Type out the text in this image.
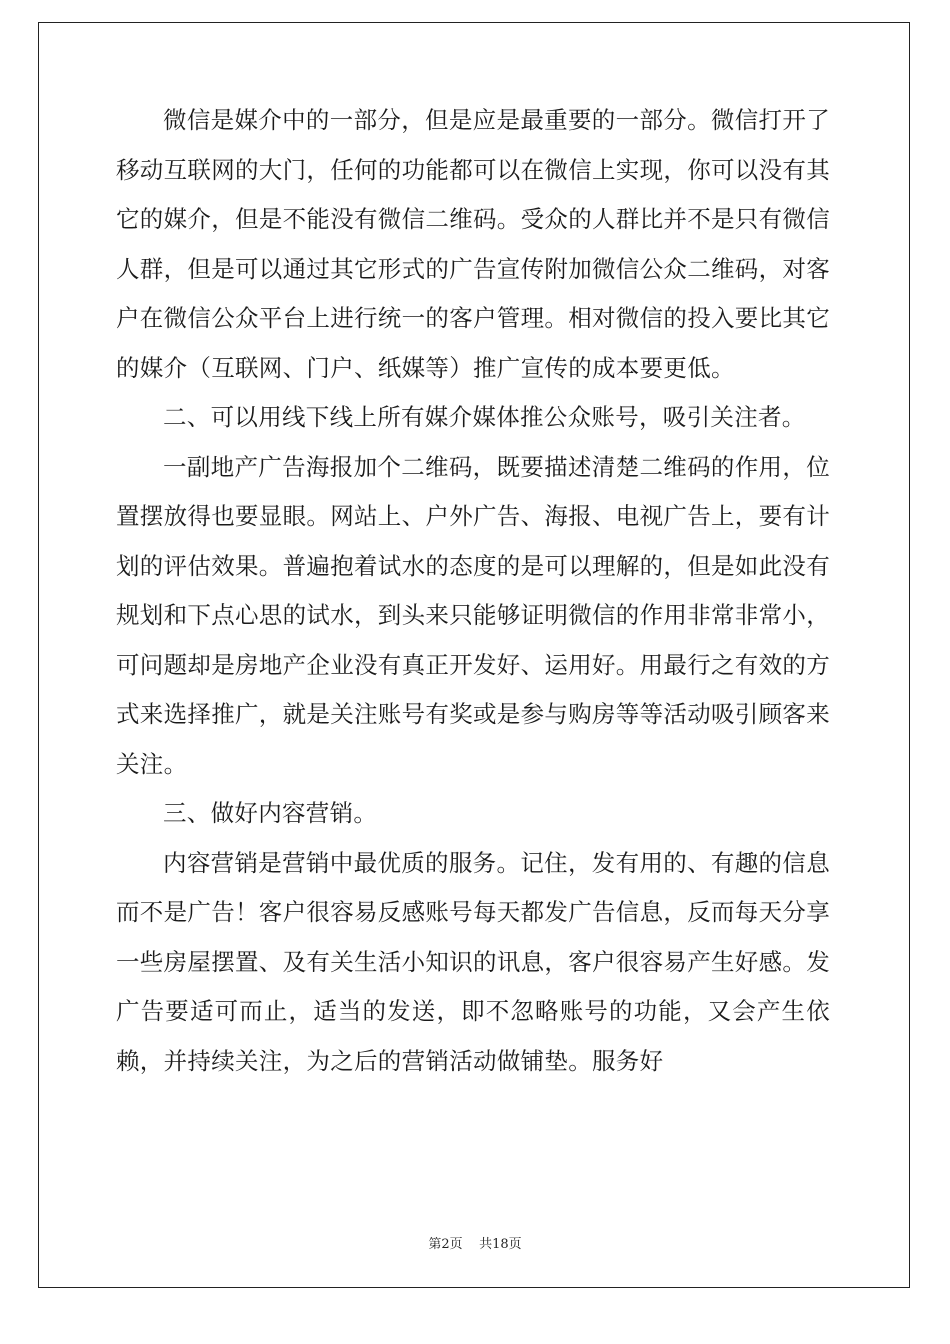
微信是媒介中的一部分，但是应是最重要的一部分。微信打开了移动互联网的大门，任何的功能都可以在微信上实现，你可以没有其它的媒介，但是不能没有微信二维码。受众的人群比并不是只有微信人群，但是可以通过其它形式的广告宣传附加微信公众二维码，对客户在微信公众平台上进行统一的客户管理。相对微信的投入要比其它的媒介（互联网、门户、纸媒等）推广宣传的成本要更低。

二、可以用线下线上所有媒介媒体推公众账号，吸引关注者。

一副地产广告海报加个二维码，既要描述清楚二维码的作用，位置摆放得也要显眼。网站上、户外广告、海报、电视广告上，要有计划的评估效果。普遍抱着试水的态度的是可以理解的，但是如此没有规划和下点心思的试水，到头来只能够证明微信的作用非常非常小，可问题却是房地产企业没有真正开发好、运用好。用最行之有效的方式来选择推广，就是关注账号有奖或是参与购房等等活动吸引顾客来关注。

三、做好内容营销。

内容营销是营销中最优质的服务。记住，发有用的、有趣的信息而不是广告！客户很容易反感账号每天都发广告信息，反而每天分享一些房屋摆置、及有关生活小知识的讯息，客户很容易产生好感。发广告要适可而止，适当的发送，即不忽略账号的功能，又会产生依赖，并持续关注，为之后的营销活动做铺垫。服务好

第2页    共18页
